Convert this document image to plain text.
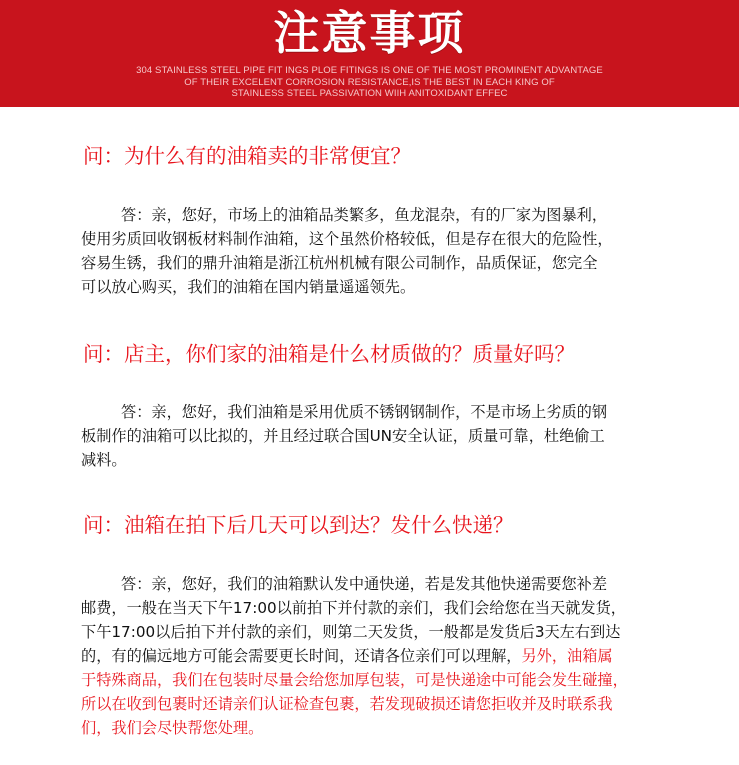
注意事项
304 STAINLESS STEEL PIPE FIT INGS PLOE FITINGS IS ONE OF THE MOST PROMINENT ADVANTAGE
OF THEIR EXCELENT CORROSION RESISTANCE,IS THE BEST IN EACH KING OF
STAINLESS STEEL PASSIVATION WIIH ANITOXIDANT EFFEC
问：为什么有的油箱卖的非常便宜？
答：亲，您好，市场上的油箱品类繁多，鱼龙混杂，有的厂家为图暴利，
使用劣质回收钢板材料制作油箱，这个虽然价格较低，但是存在很大的危险性，
容易生锈，我们的鼎升油箱是浙江杭州机械有限公司制作，品质保证，您完全
可以放心购买，我们的油箱在国内销量遥遥领先。
问：店主，你们家的油箱是什么材质做的？质量好吗？
答：亲，您好，我们油箱是采用优质不锈钢钢制作，不是市场上劣质的钢
板制作的油箱可以比拟的，并且经过联合国UN安全认证，质量可靠，杜绝偷工
减料。
问：油箱在拍下后几天可以到达？发什么快递？
答：亲，您好，我们的油箱默认发中通快递，若是发其他快递需要您补差
邮费，一般在当天下午17:00以前拍下并付款的亲们，我们会给您在当天就发货，
下午17:00以后拍下并付款的亲们，则第二天发货，一般都是发货后3天左右到达
的，有的偏远地方可能会需要更长时间，还请各位亲们可以理解，另外，油箱属
于特殊商品，我们在包装时尽量会给您加厚包装，可是快递途中可能会发生碰撞，
所以在收到包裹时还请亲们认证检查包裹，若发现破损还请您拒收并及时联系我
们，我们会尽快帮您处理。
